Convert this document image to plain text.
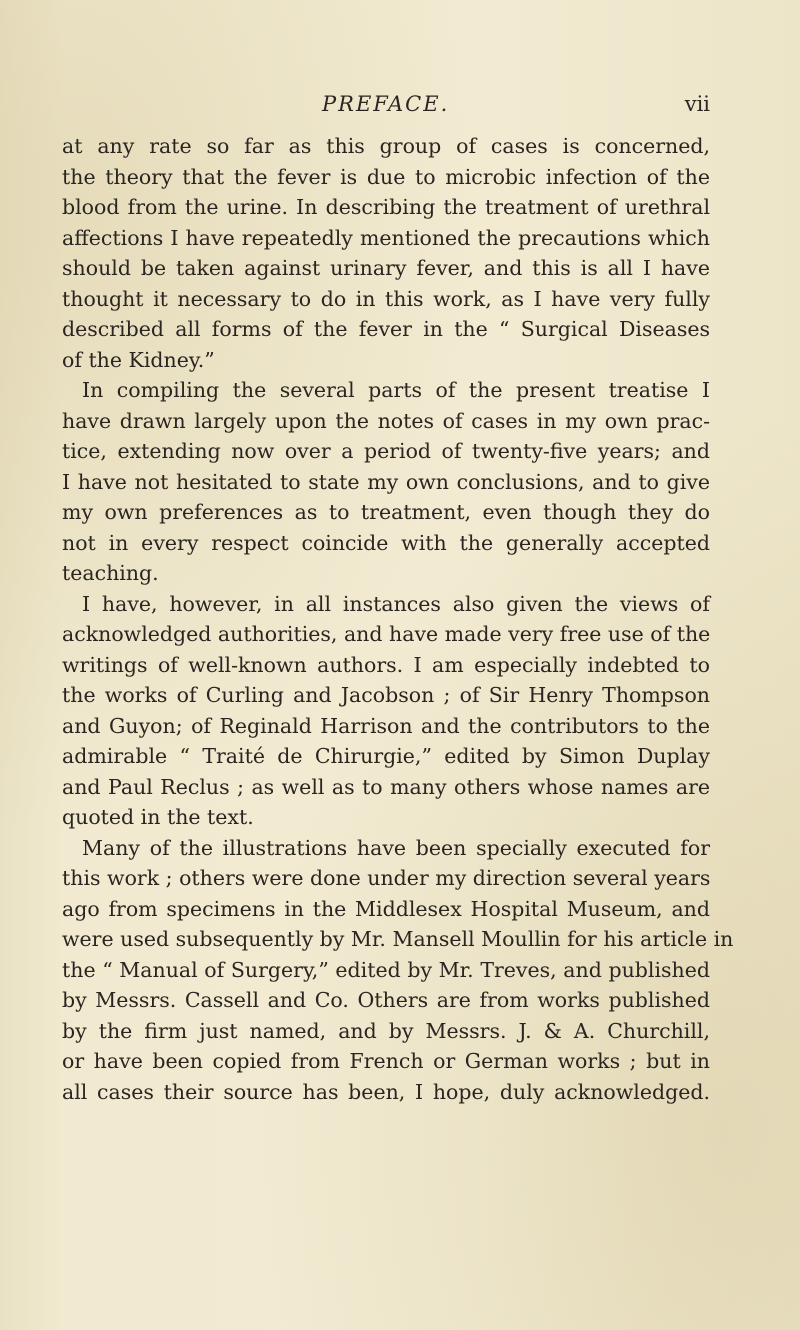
PREFACE.	vii
at any rate so far as this group of cases is concerned,
the theory that the fever is due to microbic infection of the
blood from the urine. In describing the treatment of urethral
affections I have repeatedly mentioned the precautions which
should be taken against urinary fever, and this is all I have
thought it necessary to do in this work, as I have very fully
described all forms of the fever in the “ Surgical Diseases
of the Kidney.”
In compiling the several parts of the present treatise I
have drawn largely upon the notes of cases in my own prac-
tice, extending now over a period of twenty-five years; and
I have not hesitated to state my own conclusions, and to give
my own preferences as to treatment, even though they do
not in every respect coincide with the generally accepted
teaching.
I have, however, in all instances also given the views of
acknowledged authorities, and have made very free use of the
writings of well-known authors. I am especially indebted to
the works of Curling and Jacobson ; of Sir Henry Thompson
and Guyon; of Reginald Harrison and the contributors to the
admirable “ Traité de Chirurgie,” edited by Simon Duplay
and Paul Reclus ; as well as to many others whose names are
quoted in the text.
Many of the illustrations have been specially executed for
this work ; others were done under my direction several years
ago from specimens in the Middlesex Hospital Museum, and
were used subsequently by Mr. Mansell Moullin for his article in
the “ Manual of Surgery,” edited by Mr. Treves, and published
by Messrs. Cassell and Co. Others are from works published
by the firm just named, and by Messrs. J. & A. Churchill,
or have been copied from French or German works ; but in
all cases their source has been, I hope, duly acknowledged.
